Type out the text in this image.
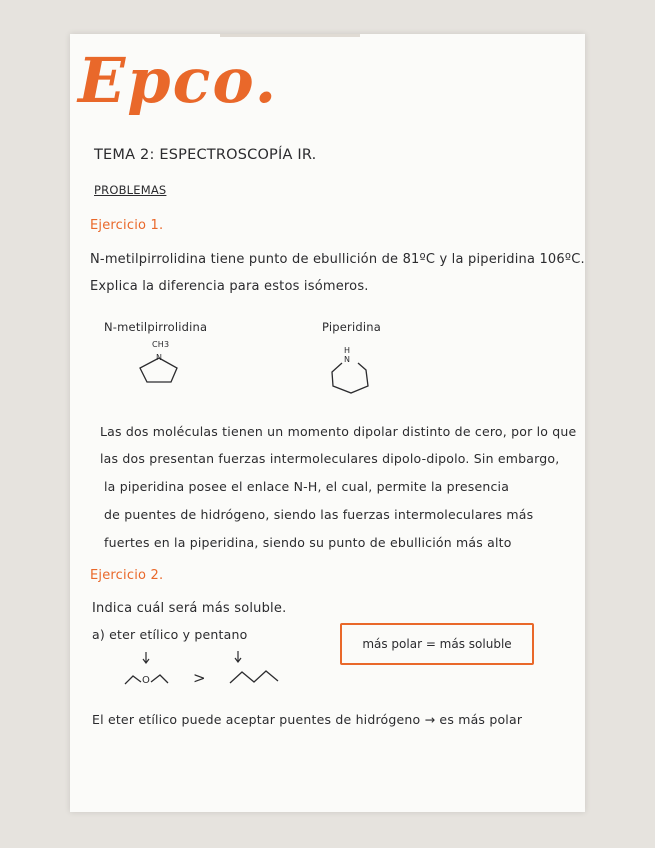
Epco.
TEMA 2: ESPECTROSCOPÍA IR.
PROBLEMAS
Ejercicio 1.
N-metilpirrolidina tiene punto de ebullición de 81ºC y la piperidina 106ºC.
Explica la diferencia para estos isómeros.
N-metilpirrolidina
CH3
N
Piperidina
H
N
Las dos moléculas tienen un momento dipolar distinto de cero, por lo que
las dos presentan fuerzas intermoleculares dipolo-dipolo. Sin embargo,
la piperidina posee el enlace N-H, el cual, permite la presencia
de puentes de hidrógeno, siendo las fuerzas intermoleculares más
fuertes en la piperidina, siendo su punto de ebullición más alto
Ejercicio 2.
Indica cuál será más soluble.
a) eter etílico y pentano
más polar = más soluble
O	>
El eter etílico puede aceptar puentes de hidrógeno → es más polar
